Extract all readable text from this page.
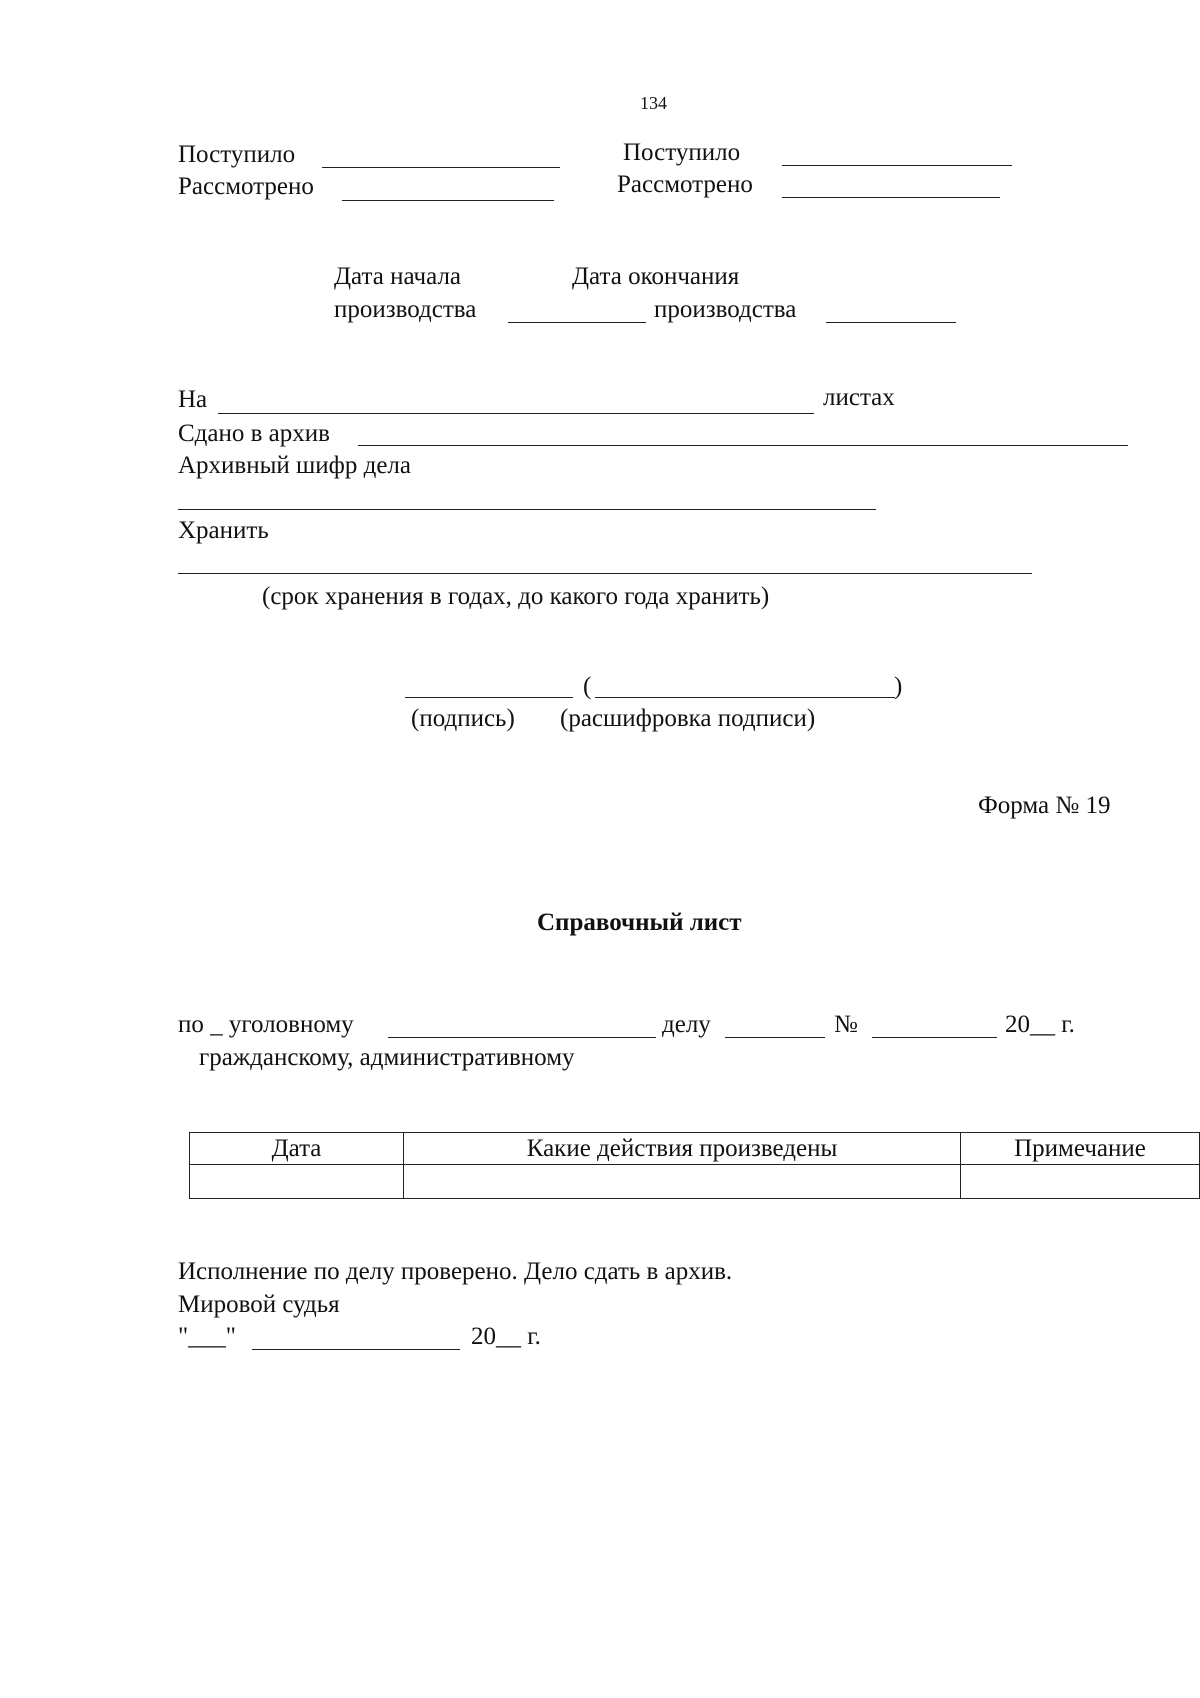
134
Поступило
Рассмотрено
Поступило
Рассмотрено
Дата начала
производства
Дата окончания
производства
На	листах
Сдано в архив
Архивный шифр дела
Хранить
(срок хранения в годах, до какого года хранить)
(	)
(подпись) (расшифровка подписи)
Форма № 19
Справочный лист
по _ уголовному	делу	№	20__ г.
гражданскому, административному
Дата	Какие действия произведены	Примечание

Исполнение по делу проверено. Дело сдать в архив.
Мировой судья
"___"	20__ г.
